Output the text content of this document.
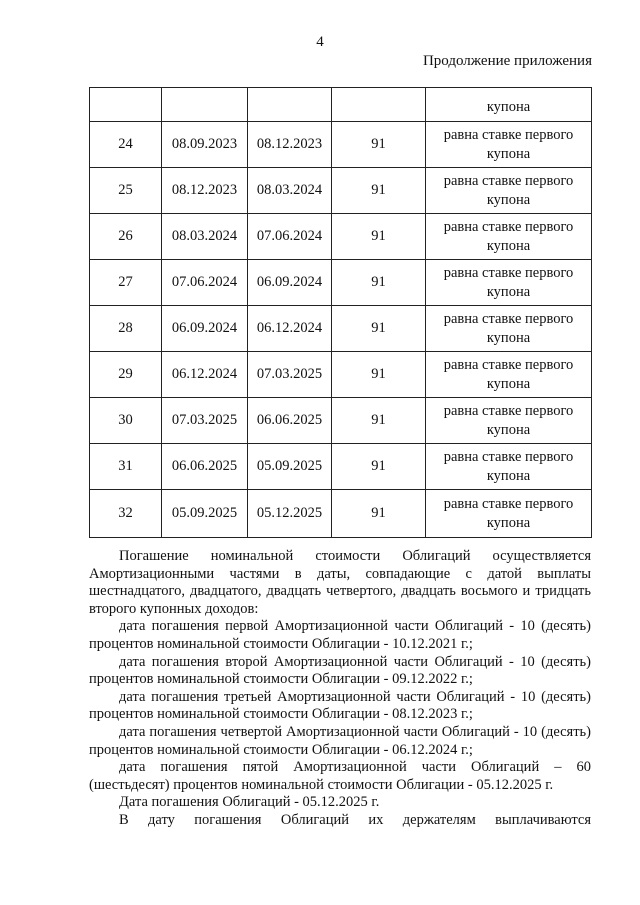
4
Продолжение приложения
				купона
24	08.09.2023	08.12.2023	91	равна ставке первого
купона

25	08.12.2023	08.03.2024	91	равна ставке первого
купона

26	08.03.2024	07.06.2024	91	равна ставке первого
купона

27	07.06.2024	06.09.2024	91	равна ставке первого
купона

28	06.09.2024	06.12.2024	91	равна ставке первого
купона

29	06.12.2024	07.03.2025	91	равна ставке первого
купона

30	07.03.2025	06.06.2025	91	равна ставке первого
купона

31	06.06.2025	05.09.2025	91	равна ставке первого
купона

32	05.09.2025	05.12.2025	91	равна ставке первого
купона

Погашение номинальной стоимости Облигаций осуществляется Амортизационными частями в даты, совпадающие с датой выплаты шестнадцатого, двадцатого, двадцать четвертого, двадцать восьмого и тридцать второго купонных доходов:

дата погашения первой Амортизационной части Облигаций - 10 (десять) процентов номинальной стоимости Облигации - 10.12.2021 г.;

дата погашения второй Амортизационной части Облигаций - 10 (десять) процентов номинальной стоимости Облигации - 09.12.2022 г.;

дата погашения третьей Амортизационной части Облигаций - 10 (десять) процентов номинальной стоимости Облигации - 08.12.2023 г.;

дата погашения четвертой Амортизационной части Облигаций - 10 (десять) процентов номинальной стоимости Облигации - 06.12.2024 г.;

дата погашения пятой Амортизационной части Облигаций – 60 (шестьдесят) процентов номинальной стоимости Облигации - 05.12.2025 г.

Дата погашения Облигаций - 05.12.2025 г.

В дату погашения Облигаций их держателям выплачиваются
